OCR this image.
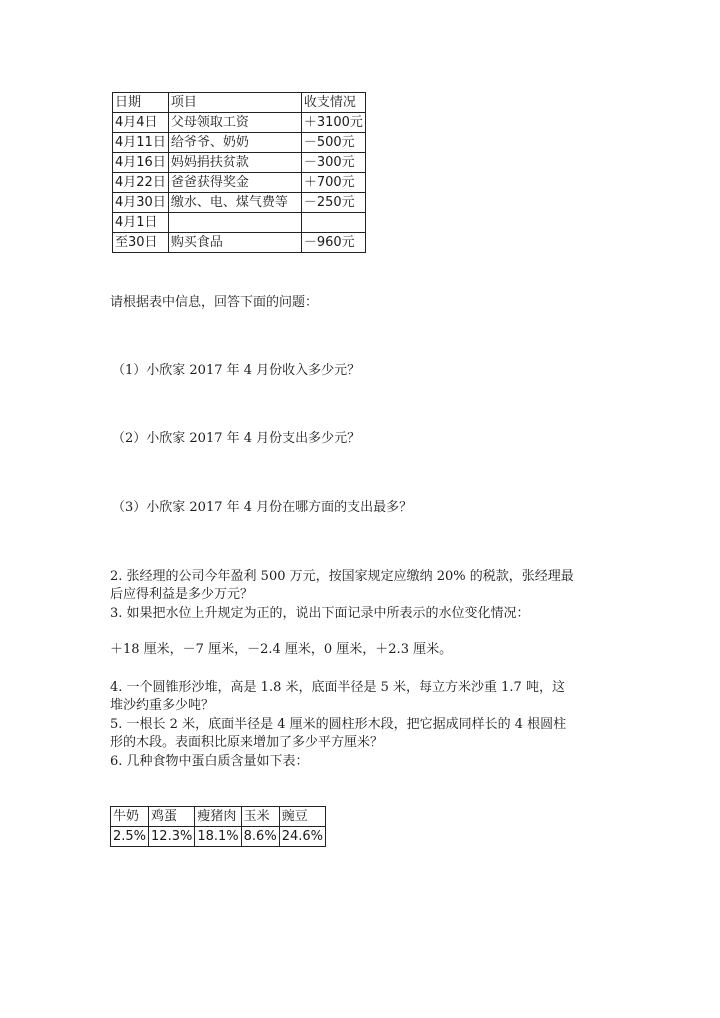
日期	项目	收支情况
4月4日	父母领取工资	＋3100元
4月11日	给爷爷、奶奶	－500元
4月16日	妈妈捐扶贫款	－300元
4月22日	爸爸获得奖金	＋700元
4月30日	缴水、电、煤气费等	－250元
4月1日		
至30日	购买食品	－960元
请根据表中信息，回答下面的问题：
（1）小欣家 2017 年 4 月份收入多少元？
（2）小欣家 2017 年 4 月份支出多少元？
（3）小欣家 2017 年 4 月份在哪方面的支出最多？
2. 张经理的公司今年盈利 500 万元，按国家规定应缴纳 20% 的税款，张经理最
后应得利益是多少万元？
3. 如果把水位上升规定为正的，说出下面记录中所表示的水位变化情况：
＋18 厘米，－7 厘米，－2.4 厘米，0 厘米，＋2.3 厘米。
4. 一个圆锥形沙堆，高是 1.8 米，底面半径是 5 米，每立方米沙重 1.7 吨，这
堆沙约重多少吨？
5. 一根长 2 米，底面半径是 4 厘米的圆柱形木段，把它据成同样长的 4 根圆柱
形的木段。表面积比原来增加了多少平方厘米？
6. 几种食物中蛋白质含量如下表：
牛奶	鸡蛋	瘦猪肉	玉米	豌豆
2.5%	12.3%	18.1%	8.6%	24.6%
